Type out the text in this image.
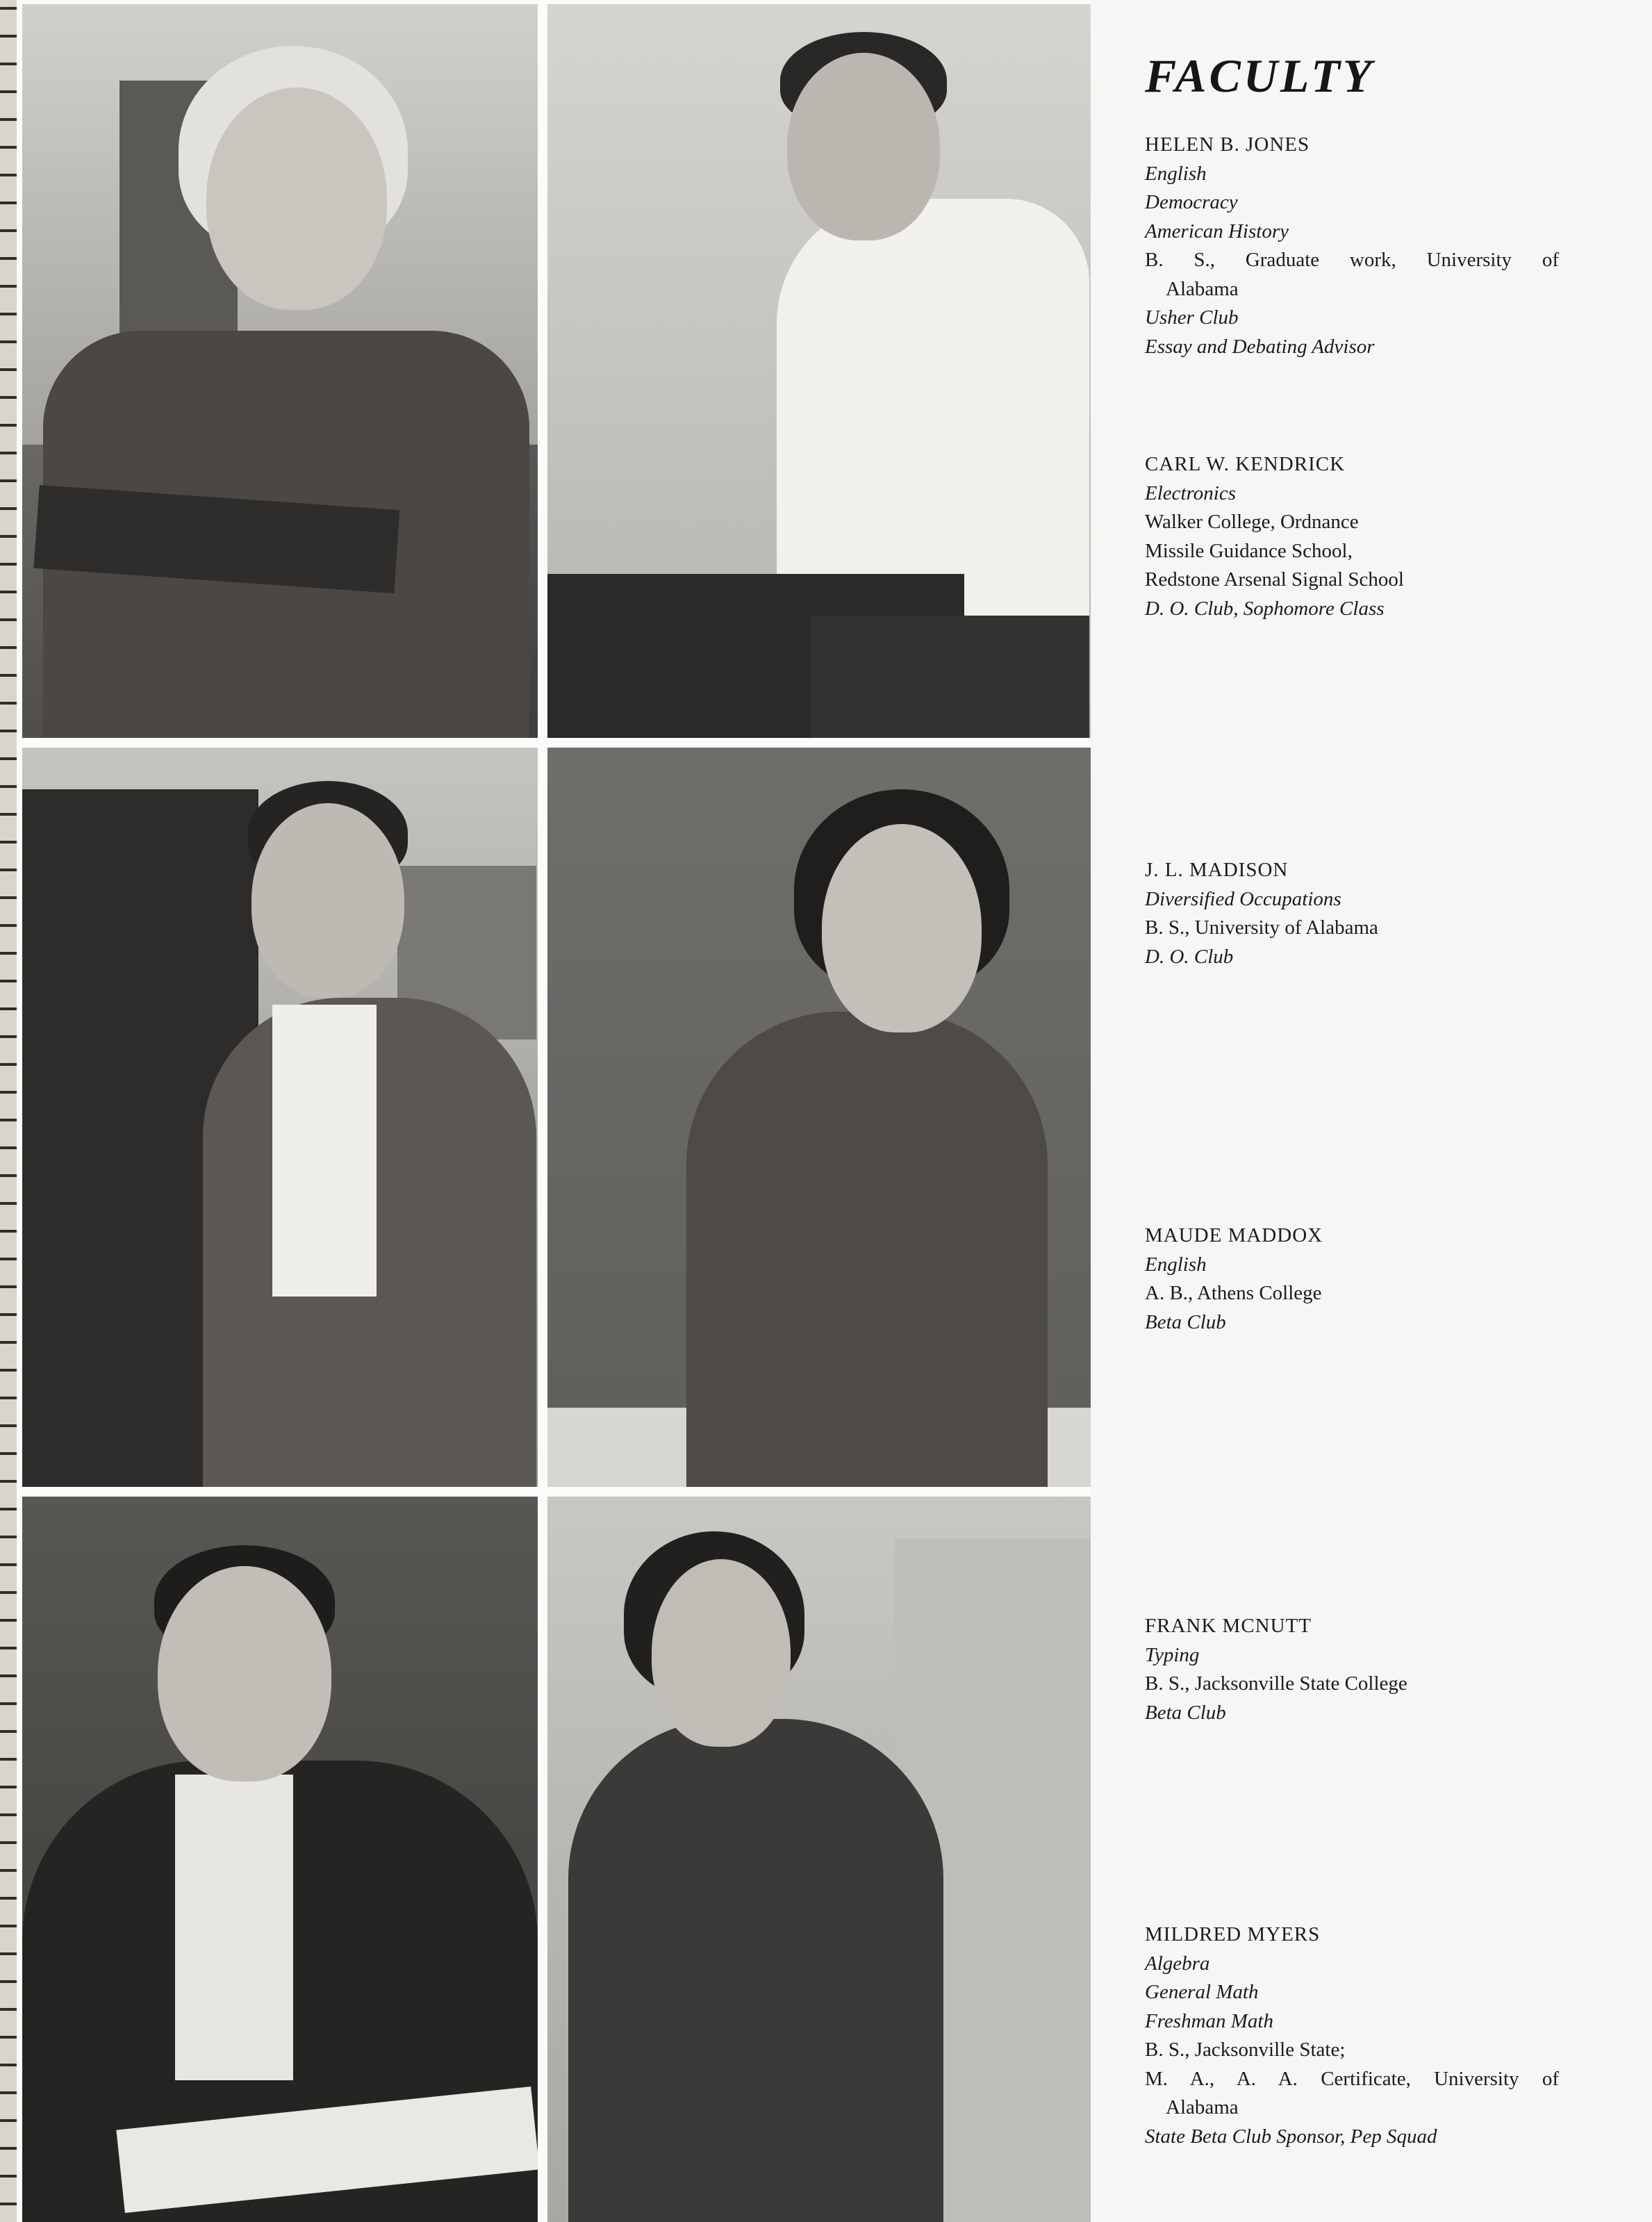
FACULTY
HELEN B. JONES
English
Democracy
American History
B. S., Graduate work, University of
Alabama
Usher Club
Essay and Debating Advisor
CARL W. KENDRICK
Electronics
Walker College, Ordnance
Missile Guidance School,
Redstone Arsenal Signal School
D. O. Club, Sophomore Class
J. L. MADISON
Diversified Occupations
B. S., University of Alabama
D. O. Club
MAUDE MADDOX
English
A. B., Athens College
Beta Club
FRANK MCNUTT
Typing
B. S., Jacksonville State College
Beta Club
MILDRED MYERS
Algebra
General Math
Freshman Math
B. S., Jacksonville State;
M. A., A. A. Certificate, University of
Alabama
State Beta Club Sponsor, Pep Squad
